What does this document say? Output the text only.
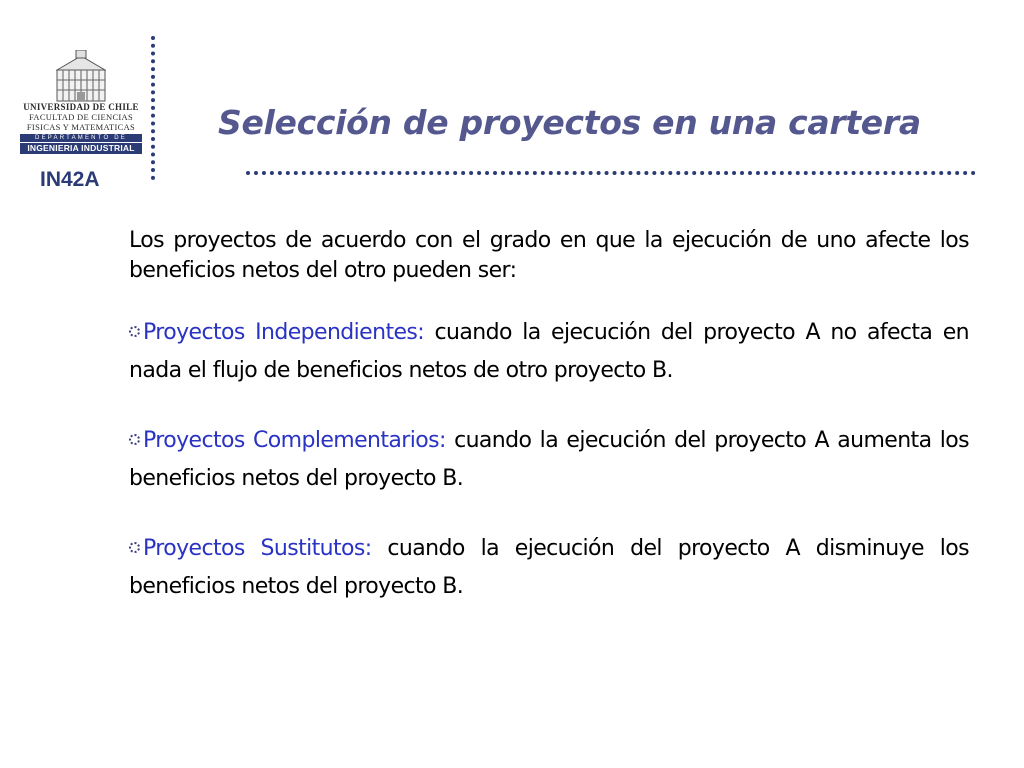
UNIVERSIDAD DE CHILE
FACULTAD DE CIENCIAS
FISICAS Y MATEMATICAS
DEPARTAMENTO DE
INGENIERIA INDUSTRIAL
IN42A
Selección de proyectos en una cartera

Los proyectos de acuerdo con el grado en que la ejecución de uno afecte los beneficios netos del otro pueden ser:

Proyectos Independientes: cuando la ejecución del proyecto A no afecta en nada el flujo de beneficios netos de otro proyecto B.

Proyectos Complementarios: cuando la ejecución del proyecto A aumenta los beneficios netos del proyecto B.

Proyectos Sustitutos: cuando la ejecución del proyecto A disminuye los beneficios netos del proyecto B.
